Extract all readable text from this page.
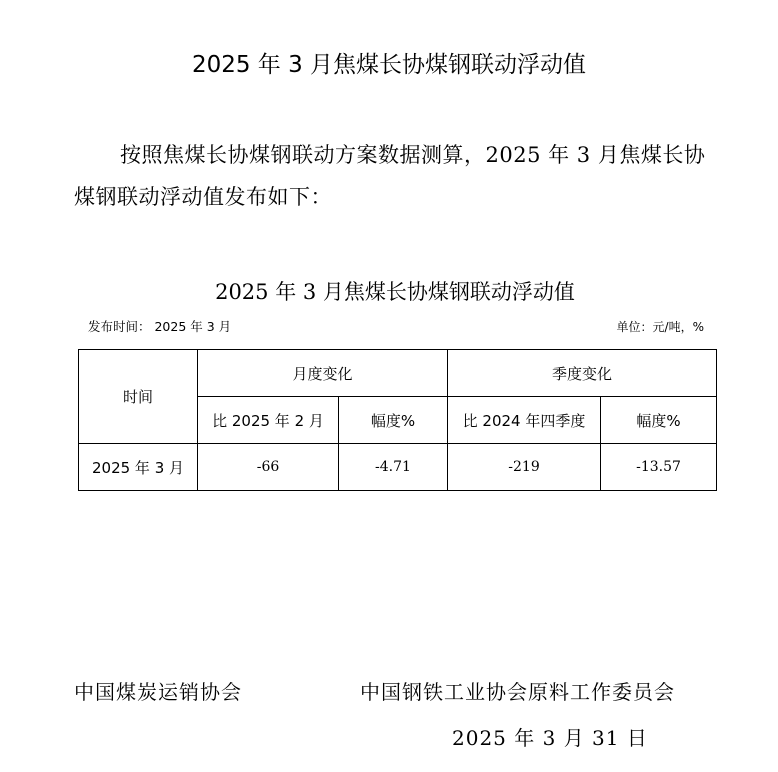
2025 年 3 月焦煤长协煤钢联动浮动值

按照焦煤长协煤钢联动方案数据测算，2025 年 3 月焦煤长协煤钢联动浮动值发布如下：

2025 年 3 月焦煤长协煤钢联动浮动值
发布时间： 2025 年 3 月	单位：元/吨，%
时间	月度变化		季度变化	
	比 2025 年 2 月	幅度%	比 2024 年四季度	幅度%
2025 年 3 月	-66	-4.71	-219	-13.57
中国煤炭运销协会	中国钢铁工业协会原料工作委员会
2025 年 3 月 31 日
